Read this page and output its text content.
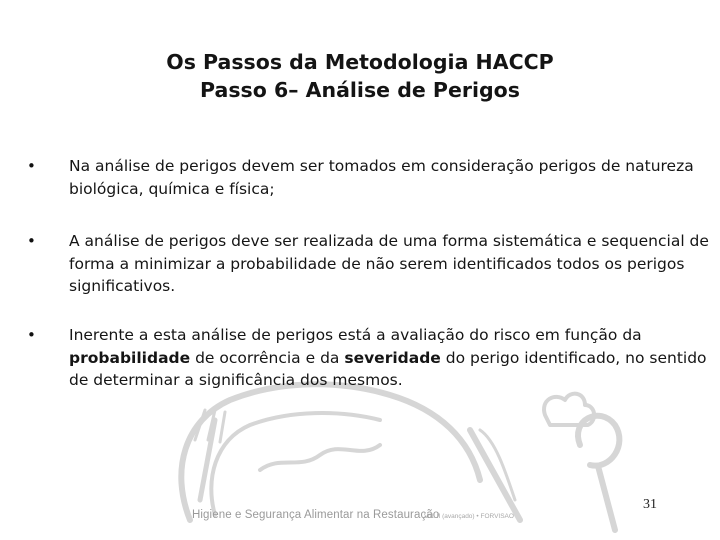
Os Passos da Metodologia HACCP
Passo 6– Análise de Perigos
• Na análise de perigos devem ser tomados em consideração perigos de natureza biológica, química e física;
• A análise de perigos deve ser realizada de uma forma sistemática e sequencial de forma a minimizar a probabilidade de não serem identificados todos os perigos significativos.
• Inerente a esta análise de perigos está a avaliação do risco em função da probabilidade de ocorrência e da severidade do perigo identificado, no sentido de determinar a significância dos mesmos.
Higiene e Segurança Alimentar na Restauração
Vol. II (avançado) • FORVISAO
31
